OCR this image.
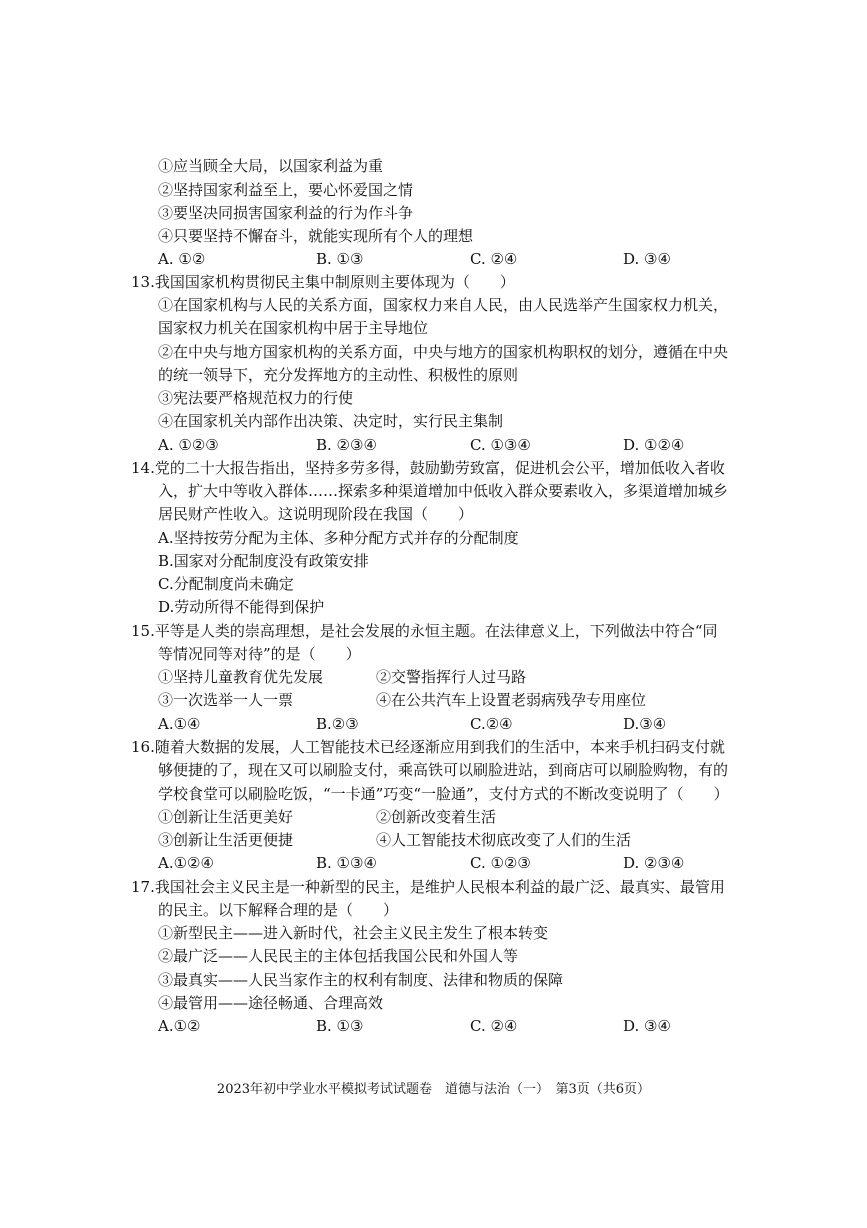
①应当顾全大局，以国家利益为重
②坚持国家利益至上，要心怀爱国之情
③要坚决同损害国家利益的行为作斗争
④只要坚持不懈奋斗，就能实现所有个人的理想
A. ①②	B. ①③	C. ②④	D. ③④
13.我国国家机构贯彻民主集中制原则主要体现为（　　）
①在国家机构与人民的关系方面，国家权力来自人民，由人民选举产生国家权力机关，
国家权力机关在国家机构中居于主导地位
②在中央与地方国家机构的关系方面，中央与地方的国家机构职权的划分，遵循在中央
的统一领导下，充分发挥地方的主动性、积极性的原则
③宪法要严格规范权力的行使
④在国家机关内部作出决策、决定时，实行民主集制
A. ①②③	B. ②③④	C. ①③④	D. ①②④
14.党的二十大报告指出，坚持多劳多得，鼓励勤劳致富，促进机会公平，增加低收入者收
入，扩大中等收入群体……探索多种渠道增加中低收入群众要素收入，多渠道增加城乡
居民财产性收入。这说明现阶段在我国（　　）
A.坚持按劳分配为主体、多种分配方式并存的分配制度
B.国家对分配制度没有政策安排
C.分配制度尚未确定
D.劳动所得不能得到保护
15.平等是人类的崇高理想，是社会发展的永恒主题。在法律意义上，下列做法中符合“同
等情况同等对待”的是（　　）
①坚持儿童教育优先发展	②交警指挥行人过马路
③一次选举一人一票	④在公共汽车上设置老弱病残孕专用座位
A.①④	B.②③	C.②④	D.③④
16.随着大数据的发展，人工智能技术已经逐渐应用到我们的生活中，本来手机扫码支付就
够便捷的了，现在又可以刷脸支付，乘高铁可以刷脸进站，到商店可以刷脸购物，有的
学校食堂可以刷脸吃饭，“一卡通”巧变“一脸通”，支付方式的不断改变说明了（　　）
①创新让生活更美好	②创新改变着生活
③创新让生活更便捷	④人工智能技术彻底改变了人们的生活
A.①②④	B. ①③④	C. ①②③	D. ②③④
17.我国社会主义民主是一种新型的民主，是维护人民根本利益的最广泛、最真实、最管用
的民主。以下解释合理的是（　　）
①新型民主——进入新时代，社会主义民主发生了根本转变
②最广泛——人民民主的主体包括我国公民和外国人等
③最真实——人民当家作主的权利有制度、法律和物质的保障
④最管用——途径畅通、合理高效
A.①②	B. ①③	C. ②④	D. ③④
2023年初中学业水平模拟考试试题卷　道德与法治（一）　第3页（共6页）
